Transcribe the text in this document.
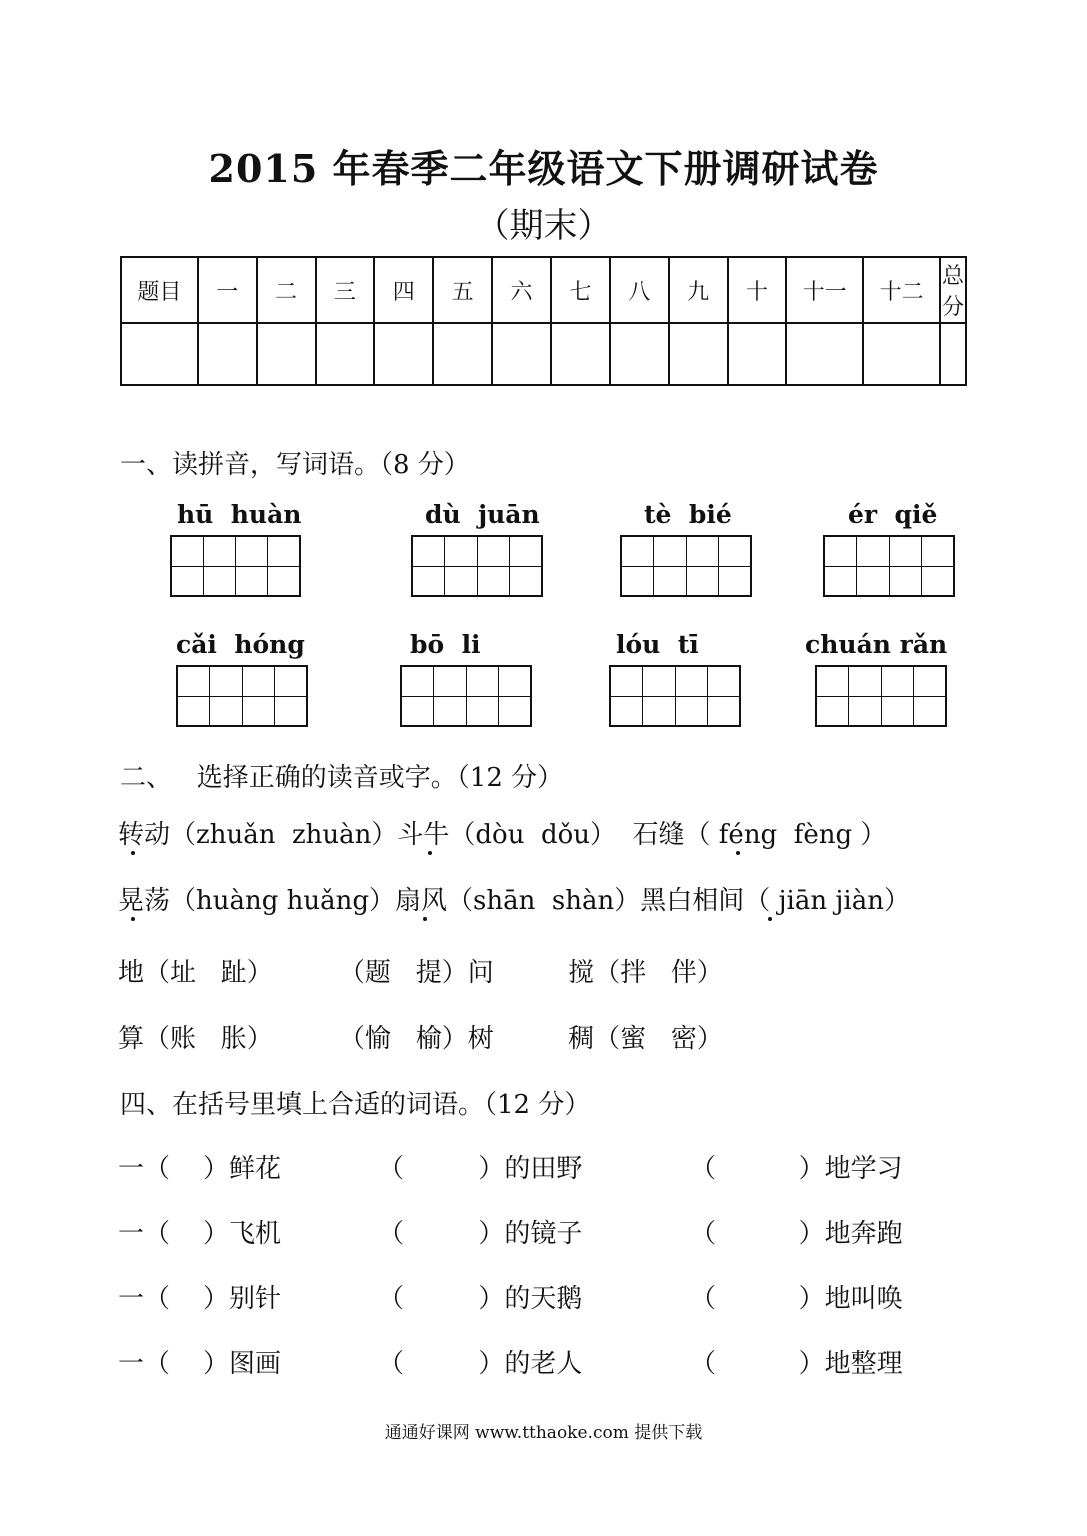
2015 年春季二年级语文下册调研试卷
（期末）
题目	一	二	三	四	五	六	七	八	九	十	十一	十二	总分

一、读拼音，写词语。（8 分）
hū  huàn	dù  juān	tè  bié	ér  qiě
cǎi  hóng	bō  li	lóu  tī	chuán rǎn
二、   选择正确的读音或字。（12 分）
转动（zhuǎn  zhuàn）斗牛（dòu  dǒu）  石缝（ féng  fèng ）
晃荡（huàng huǎng）扇风（shān  shàn）黑白相间（ jiān jiàn）
地（址   趾）        （题   提）问         搅（拌   伴）
算（账   胀）        （愉   榆）树         稠（蜜   密）
四、在括号里填上合适的词语。（12 分）
一（    ）鲜花	（         ）的田野	（          ）地学习
一（    ）飞机	（         ）的镜子	（          ）地奔跑
一（    ）别针	（         ）的天鹅	（          ）地叫唤
一（    ）图画	（         ）的老人	（          ）地整理
通通好课网 www.tthaoke.com 提供下载
